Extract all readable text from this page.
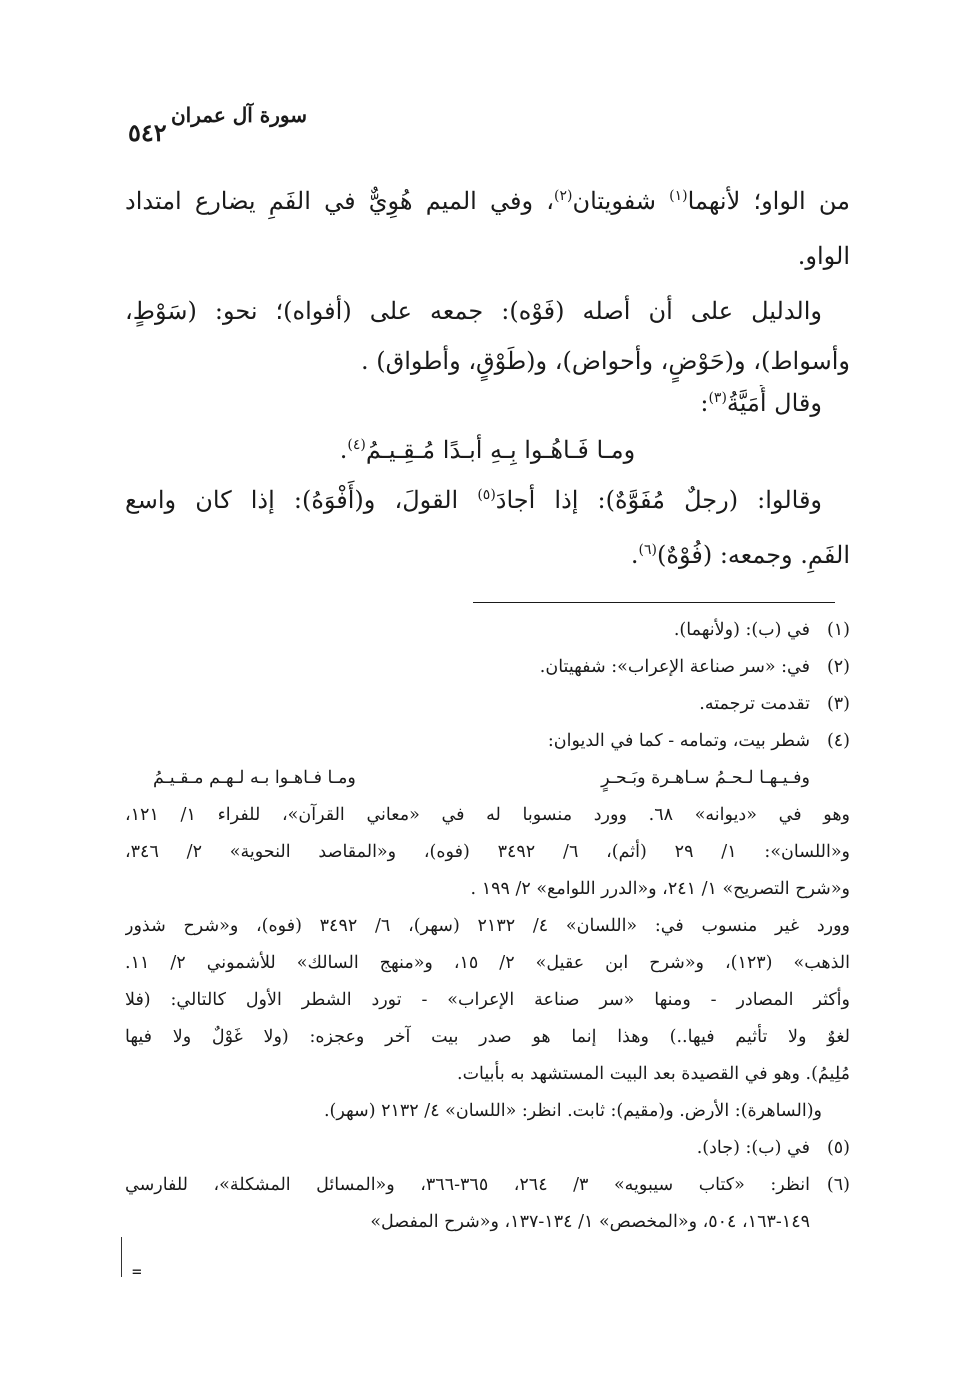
سورة آل عمران
٥٤٢
من الواو؛ لأنهما$^{(١)}$ شفويتان$^{(٢)}$، وفي الميم هُوِيٌّ في الفَمِ يضارع امتداد
الواو.
والدليل على أن أصله (فَوْه): جمعه على (أفواه)؛ نحو: (سَوْطٍ،
وأسواط)، و(حَوْضٍ، وأحواض)، و(طَوْقٍ، وأطواق) .
وقال أُمَيَّةُ$^{(٣)}$:
ومـا فَـاهُـوا بِـهِ أبـدًا مُـقِـيـمُ$^{(٤)}$.
وقالوا: (رجلٌ مُفَوَّهٌ): إذا أجادَ$^{(٥)}$ القولَ، و(أَفْوَهُ): إذا كان واسع
الفَمِ. وجمعه: (فُوْهٌ)$^{(٦)}$.
(١)في (ب): (ولأنهما).
(٢)في: «سر صناعة الإعراب»: شفهيتان.
(٣)تقدمت ترجمته.
(٤)شطر بيت، وتمامه - كما في الديوان:
وفـيـهـا لـحـمُ سـاهـرة وبَـحـرٍ
ومـا فـاهـوا بـه لـهـم مـقـيـمُ
وهو في «ديوانه» ٦٨. وورد منسوبا له في «معاني القرآن»، للفراء ١/ ١٢١،
و«اللسان»: ١/ ٢٩ (أثم)، ٦/ ٣٤٩٢ (فوه)، و«المقاصد النحوية» ٢/ ٣٤٦،
و«شرح التصريح» ١/ ٢٤١، و«الدرر اللوامع» ٢/ ١٩٩ .
وورد غير منسوب في: «اللسان» ٤/ ٢١٣٢ (سهر)، ٦/ ٣٤٩٢ (فوه)، و«شرح شذور
الذهب» (١٢٣)، و«شرح ابن عقيل» ٢/ ١٥، و«منهج السالك» للأشموني ٢/ ١١.
وأكثر المصادر - ومنها «سر صناعة الإعراب» - تورد الشطر الأول كالتالي: (فلا
لغوٌ ولا تأثيم فيها..) وهذا إنما هو صدر بيت آخر وعجزه: (ولا غَوْلٌ ولا فيها
مُلِيمُ). وهو في القصيدة بعد البيت المستشهد به بأبيات.
و(الساهرة): الأرض. و(مقيم): ثابت. انظر: «اللسان» ٤/ ٢١٣٢ (سهر).
(٥)في (ب): (جاد).
(٦)انظر: «كتاب سيبويه» ٣/ ٢٦٤، ٣٦٥-٣٦٦، و«المسائل المشكلة»، للفارسي
١٤٩-١٦٣، ٥٠٤، و«المخصص» ١/ ١٣٤-١٣٧، و«شرح المفصل»
=
